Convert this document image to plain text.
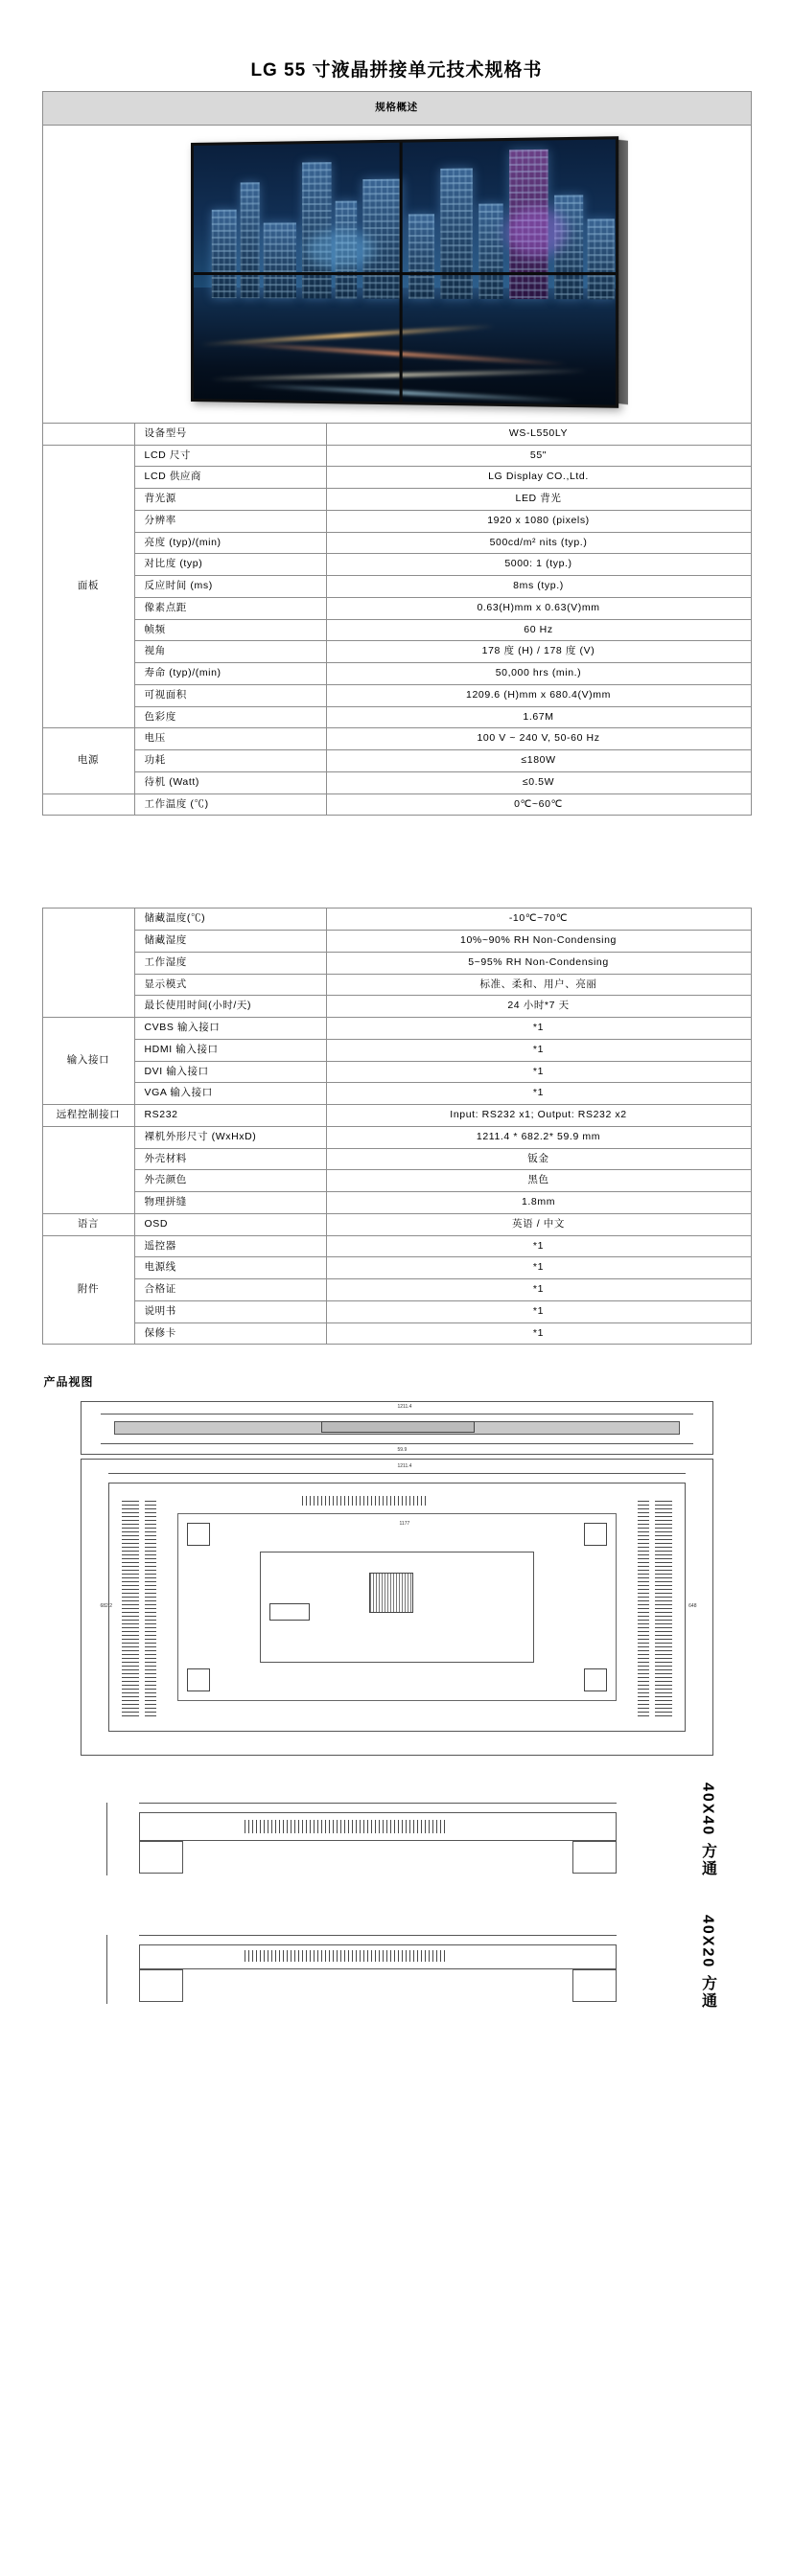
LG 55 寸液晶拼接单元技术规格书
规格概述		

	设备型号	WS-L550LY
面板	LCD 尺寸	55"
	LCD 供应商	LG Display CO.,Ltd.
	背光源	LED 背光
	分辨率	1920 x 1080 (pixels)
	亮度 (typ)/(min)	500cd/m² nits (typ.)
	对比度 (typ)	5000: 1 (typ.)
	反应时间 (ms)	8ms (typ.)
	像素点距	0.63(H)mm x 0.63(V)mm
	帧频	60 Hz
	视角	178 度 (H) / 178 度 (V)
	寿命 (typ)/(min)	50,000 hrs (min.)
	可视面积	1209.6 (H)mm x 680.4(V)mm
	色彩度	1.67M
电源	电压	100 V ~ 240 V, 50-60 Hz
	功耗	≤180W
	待机 (Watt)	≤0.5W
	工作温度 (℃)	0℃~60℃
	储藏温度(℃)	-10℃~70℃
	储藏湿度	10%~90% RH Non-Condensing
	工作湿度	5~95% RH Non-Condensing
	显示模式	标准、柔和、用户、亮丽
	最长使用时间(小时/天)	24 小时*7 天
输入接口	CVBS 输入接口	*1
	HDMI 输入接口	*1
	DVI 输入接口	*1
	VGA 输入接口	*1
远程控制接口	RS232	Input: RS232 x1; Output: RS232 x2
	裸机外形尺寸 (WxHxD)	1211.4 * 682.2* 59.9 mm
	外壳材料	钣金
	外壳颜色	黑色
	物理拼缝	1.8mm
语言	OSD	英语 / 中文
附件	遥控器	*1
	电源线	*1
	合格证	*1
	说明书	*1
	保修卡	*1
产品视图
1211.4
59.9
1211.4
1177
682.2	648
40X40 方通
40X20 方通
